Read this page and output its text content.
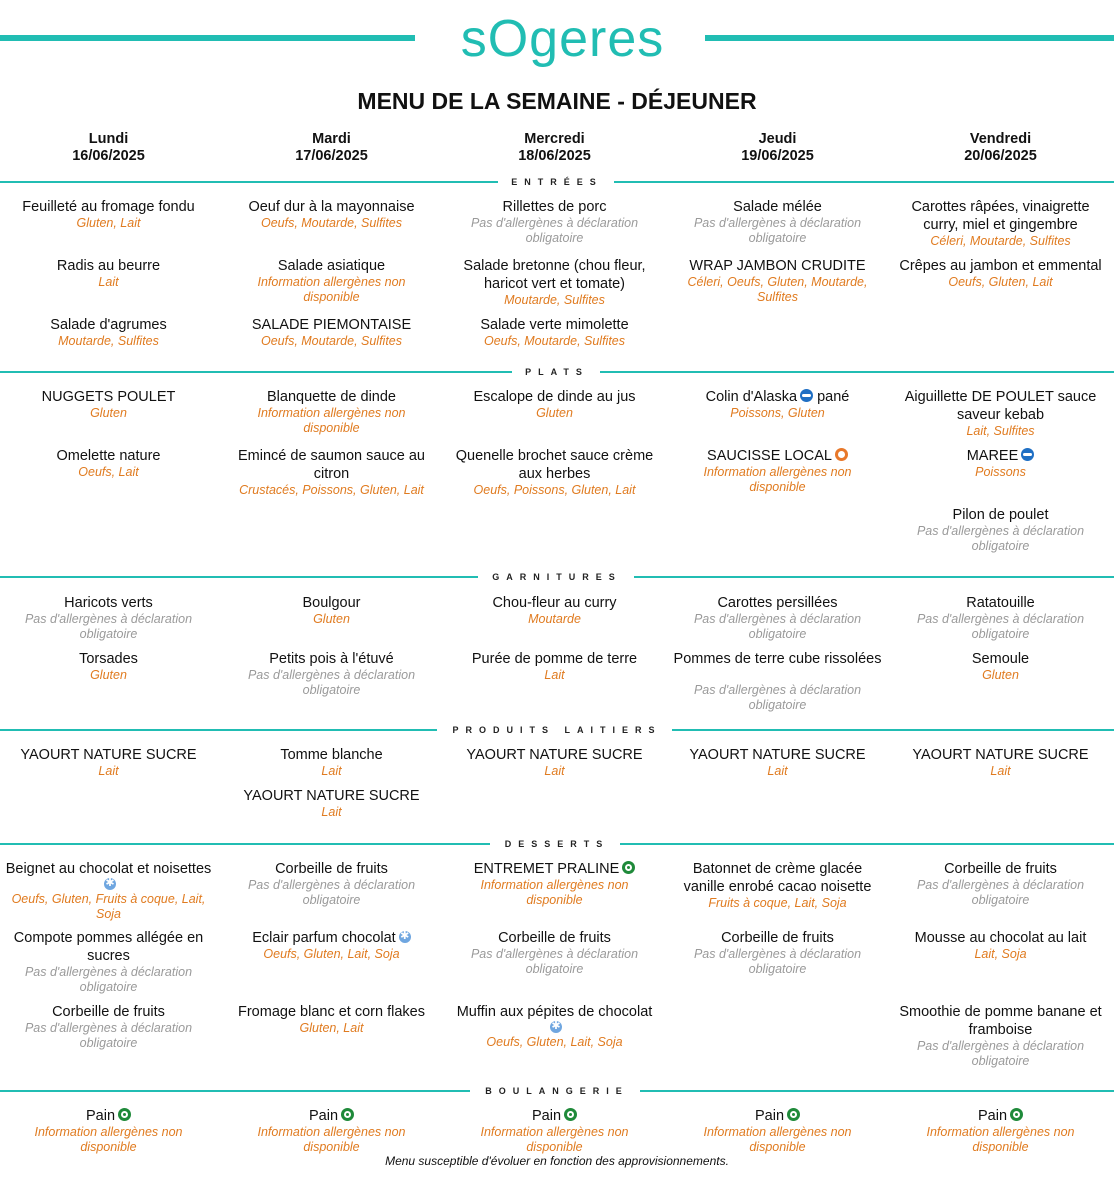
sOgeres
MENU DE LA SEMAINE - DÉJEUNER
Lundi
16/06/2025
Mardi
17/06/2025
Mercredi
18/06/2025
Jeudi
19/06/2025
Vendredi
20/06/2025
ENTRÉES
PLATS
GARNITURES
PRODUITS LAITIERS
DESSERTS
BOULANGERIE
Feuilleté au fromage fondu
Gluten, Lait
Radis au beurre
Lait
Salade d'agrumes
Moutarde, Sulfites
Oeuf dur à la mayonnaise
Oeufs, Moutarde, Sulfites
Salade asiatique
Information allergènes non disponible
SALADE PIEMONTAISE
Oeufs, Moutarde, Sulfites
Rillettes de porc
Pas d'allergènes à déclaration obligatoire
Salade bretonne (chou fleur, haricot vert et tomate)
Moutarde, Sulfites
Salade verte mimolette
Oeufs, Moutarde, Sulfites
Salade mélée
Pas d'allergènes à déclaration obligatoire
WRAP JAMBON CRUDITE
Céleri, Oeufs, Gluten, Moutarde, Sulfites
Carottes râpées, vinaigrette curry, miel et gingembre
Céleri, Moutarde, Sulfites
Crêpes au jambon et emmental
Oeufs, Gluten, Lait
NUGGETS POULET
Gluten
Omelette nature
Oeufs, Lait
Blanquette de dinde
Information allergènes non disponible
Emincé de saumon sauce au citron
Crustacés, Poissons, Gluten, Lait
Escalope de dinde au jus
Gluten
Quenelle brochet sauce crème aux herbes
Oeufs, Poissons, Gluten, Lait
Colin d'Alaska pané
Poissons, Gluten
SAUCISSE LOCAL
Information allergènes non disponible
Aiguillette DE POULET sauce saveur kebab
Lait, Sulfites
MAREE
Poissons
Pilon de poulet
Pas d'allergènes à déclaration obligatoire
Haricots verts
Pas d'allergènes à déclaration obligatoire
Torsades
Gluten
Boulgour
Gluten
Petits pois à l'étuvé
Pas d'allergènes à déclaration obligatoire
Chou-fleur au curry
Moutarde
Purée de pomme de terre
Lait
Carottes persillées
Pas d'allergènes à déclaration obligatoire
Pommes de terre cube rissolées
Pas d'allergènes à déclaration obligatoire
Ratatouille
Pas d'allergènes à déclaration obligatoire
Semoule
Gluten
YAOURT NATURE SUCRE
Lait
Tomme blanche
Lait
YAOURT NATURE SUCRE
Lait
YAOURT NATURE SUCRE
Lait
YAOURT NATURE SUCRE
Lait
YAOURT NATURE SUCRE
Lait
Beignet au chocolat et noisettes
✱
Oeufs, Gluten, Fruits à coque, Lait, Soja
Compote pommes allégée en sucres
Pas d'allergènes à déclaration obligatoire
Corbeille de fruits
Pas d'allergènes à déclaration obligatoire
Corbeille de fruits
Pas d'allergènes à déclaration obligatoire
Eclair parfum chocolat✱
Oeufs, Gluten, Lait, Soja
Fromage blanc et corn flakes
Gluten, Lait
ENTREMET PRALINE
Information allergènes non disponible
Corbeille de fruits
Pas d'allergènes à déclaration obligatoire
Muffin aux pépites de chocolat
✱
Oeufs, Gluten, Lait, Soja
Batonnet de crème glacée vanille enrobé cacao noisette
Fruits à coque, Lait, Soja
Corbeille de fruits
Pas d'allergènes à déclaration obligatoire
Corbeille de fruits
Pas d'allergènes à déclaration obligatoire
Mousse au chocolat au lait
Lait, Soja
Smoothie de pomme banane et framboise
Pas d'allergènes à déclaration obligatoire
Pain
Information allergènes non disponible
Pain
Information allergènes non disponible
Pain
Information allergènes non disponible
Pain
Information allergènes non disponible
Pain
Information allergènes non disponible
Menu susceptible d'évoluer en fonction des approvisionnements.
